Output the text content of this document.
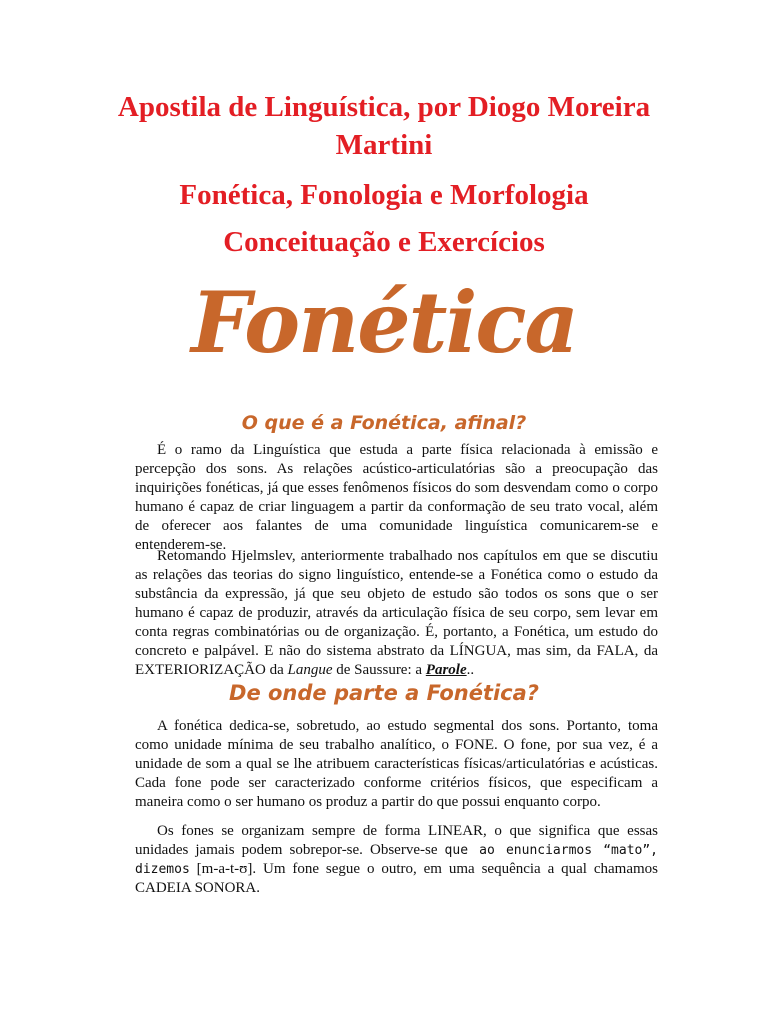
Apostila de Linguística, por Diogo Moreira Martini
Fonética, Fonologia e Morfologia
Conceituação e Exercícios
Fonética
O que é a Fonética, afinal?

É o ramo da Linguística que estuda a parte física relacionada à emissão e percepção dos sons. As relações acústico-articulatórias são a preocupação das inquirições fonéticas, já que esses fenômenos físicos do som desvendam como o corpo humano é capaz de criar linguagem a partir da conformação de seu trato vocal, além de oferecer aos falantes de uma comunidade linguística comunicarem-se e entenderem-se.

Retomando Hjelmslev, anteriormente trabalhado nos capítulos em que se discutiu as relações das teorias do signo linguístico, entende-se a Fonética como o estudo da substância da expressão, já que seu objeto de estudo são todos os sons que o ser humano é capaz de produzir, através da articulação física de seu corpo, sem levar em conta regras combinatórias ou de organização. É, portanto, a Fonética, um estudo do concreto e palpável. E não do sistema abstrato da LÍNGUA, mas sim, da FALA, da EXTERIORIZAÇÃO da Langue de Saussure: a Parole..

De onde parte a Fonética?

A fonética dedica-se, sobretudo, ao estudo segmental dos sons. Portanto, toma como unidade mínima de seu trabalho analítico, o FONE. O fone, por sua vez, é a unidade de som a qual se lhe atribuem características físicas/articulatórias e acústicas. Cada fone pode ser caracterizado conforme critérios físicos, que especificam a maneira como o ser humano os produz a partir do que possui enquanto corpo.

Os fones se organizam sempre de forma LINEAR, o que significa que essas unidades jamais podem sobrepor-se. Observe-se que ao enunciarmos “mato”, dizemos [m-a-t-ʊ]. Um fone segue o outro, em uma sequência a qual chamamos CADEIA SONORA.
